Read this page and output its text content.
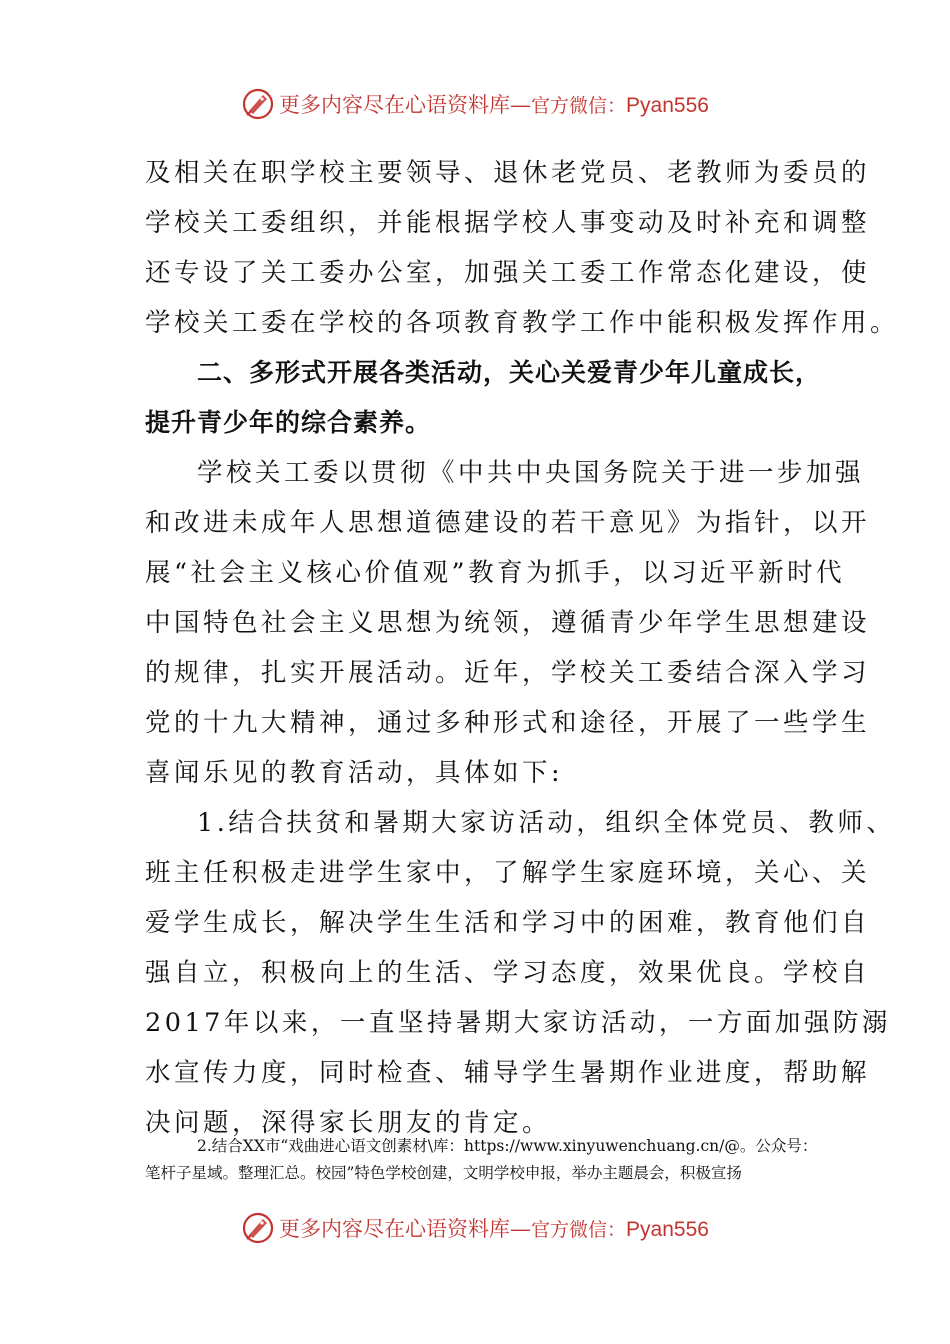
更多内容尽在心语资料库—官方微信：Pyan556

及相关在职学校主要领导、退休老党员、老教师为委员的

学校关工委组织，并能根据学校人事变动及时补充和调整

还专设了关工委办公室，加强关工委工作常态化建设，使

学校关工委在学校的各项教育教学工作中能积极发挥作用。

二、多形式开展各类活动，关心关爱青少年儿童成长，

提升青少年的综合素养。

学校关工委以贯彻《中共中央国务院关于进一步加强

和改进未成年人思想道德建设的若干意见》为指针，以开

展“社会主义核心价值观”教育为抓手，以习近平新时代

中国特色社会主义思想为统领，遵循青少年学生思想建设

的规律，扎实开展活动。近年，学校关工委结合深入学习

党的十九大精神，通过多种形式和途径，开展了一些学生

喜闻乐见的教育活动，具体如下:

1.结合扶贫和暑期大家访活动，组织全体党员、教师、

班主任积极走进学生家中，了解学生家庭环境，关心、关

爱学生成长，解决学生生活和学习中的困难，教育他们自

强自立，积极向上的生活、学习态度，效果优良。学校自

2017年以来，一直坚持暑期大家访活动，一方面加强防溺

水宣传力度，同时检查、辅导学生暑期作业进度，帮助解

决问题，深得家长朋友的肯定。

2.结合XX市“戏曲进心语文创素材\库：https://www.xinyuwenchuang.cn/@。公众号：
笔杆子星域。整理汇总。校园”特色学校创建，文明学校申报，举办主题晨会，积极宣扬
更多内容尽在心语资料库—官方微信：Pyan556
